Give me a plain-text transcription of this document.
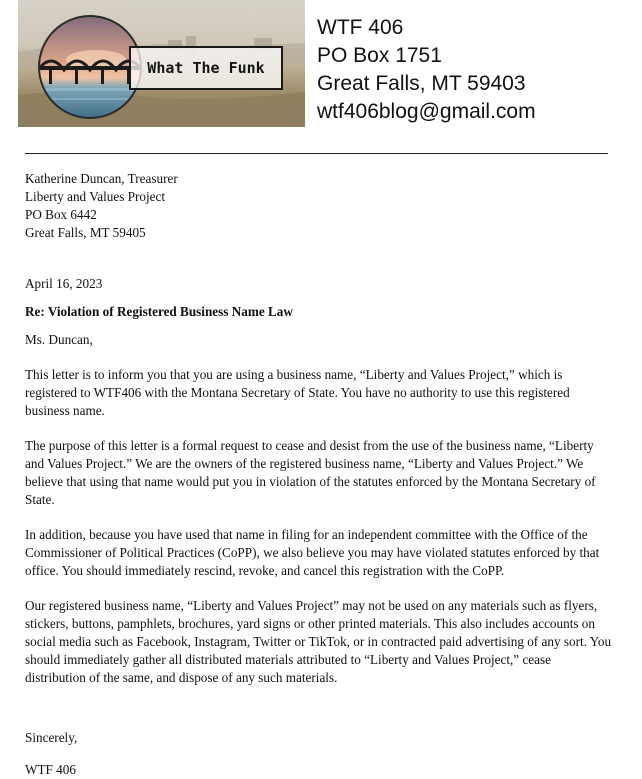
What The Funk
WTF 406
PO Box 1751
Great Falls, MT 59403
wtf406blog@gmail.com
Katherine Duncan, Treasurer
Liberty and Values Project
PO Box 6442
Great Falls, MT 59405

April 16, 2023

Re: Violation of Registered Business Name Law

Ms. Duncan,

This letter is to inform you that you are using a business name, “Liberty and Values Project,” which is registered to WTF406 with the Montana Secretary of State. You have no authority to use this registered business name.

The purpose of this letter is a formal request to cease and desist from the use of the business name, “Liberty and Values Project.” We are the owners of the registered business name, “Liberty and Values Project.” We believe that using that name would put you in violation of the statutes enforced by the Montana Secretary of State.

In addition, because you have used that name in filing for an independent committee with the Office of the Commissioner of Political Practices (CoPP), we also believe you may have violated statutes enforced by that office. You should immediately rescind, revoke, and cancel this registration with the CoPP.

Our registered business name, “Liberty and Values Project” may not be used on any materials such as flyers, stickers, buttons, pamphlets, brochures, yard signs or other printed materials. This also includes accounts on social media such as Facebook, Instagram, Twitter or TikTok, or in contracted paid advertising of any sort. You should immediately gather all distributed materials attributed to “Liberty and Values Project,” cease distribution of the same, and dispose of any such materials.

Sincerely,

WTF 406
